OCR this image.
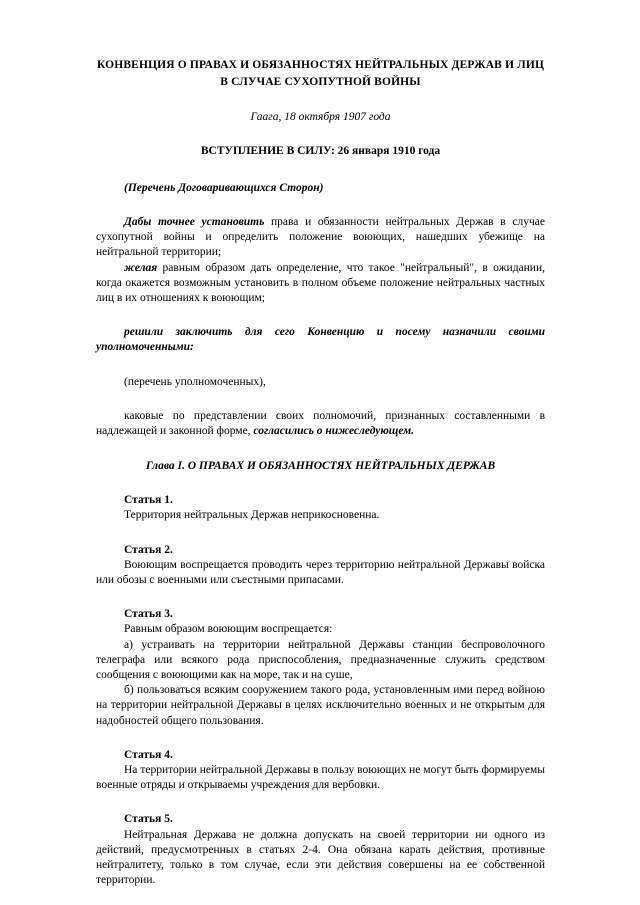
КОНВЕНЦИЯ О ПРАВАХ И ОБЯЗАННОСТЯХ НЕЙТРАЛЬНЫХ ДЕРЖАВ И ЛИЦ В СЛУЧАЕ СУХОПУТНОЙ ВОЙНЫ

Гаага, 18 октября 1907 года

ВСТУПЛЕНИЕ В СИЛУ: 26 января 1910 года

(Перечень Договаривающихся Сторон)

Дабы точнее установить права и обязанности нейтральных Держав в случае сухопутной войны и определить положение воюющих, нашедших убежище на нейтральной территории;

желая равным образом дать определение, что такое "нейтральный", в ожидании, когда окажется возможным установить в полном объеме положение нейтральных частных лиц в их отношениях к воюющим;

решили заключить для сего Конвенцию и посему назначили своими уполномоченными:

(перечень уполномоченных),

каковые по представлении своих полномочий, признанных составленными в надлежащей и законной форме, согласились о нижеследующем.

Глава I. О ПРАВАХ И ОБЯЗАННОСТЯХ НЕЙТРАЛЬНЫХ ДЕРЖАВ
Статья 1.

Территория нейтральных Держав неприкосновенна.

Статья 2.

Воюющим воспрещается проводить через территорию нейтральной Державы войска или обозы с военными или съестными припасами.

Статья 3.

Равным образом воюющим воспрещается:

а) устраивать на территории нейтральной Державы станции беспроволочного телеграфа или всякого рода приспособления, предназначенные служить средством сообщения с воюющими как на море, так и на суше,

б) пользоваться всяким сооружением такого рода, установленным ими перед войною на территории нейтральной Державы в целях исключительно военных и не открытым для надобностей общего пользования.

Статья 4.

На территории нейтральной Державы в пользу воюющих не могут быть формируемы военные отряды и открываемы учреждения для вербовки.

Статья 5.

Нейтральная Держава не должна допускать на своей территории ни одного из действий, предусмотренных в статьях 2-4. Она обязана карать действия, противные нейтралитету, только в том случае, если эти действия совершены на ее собственной территории.
